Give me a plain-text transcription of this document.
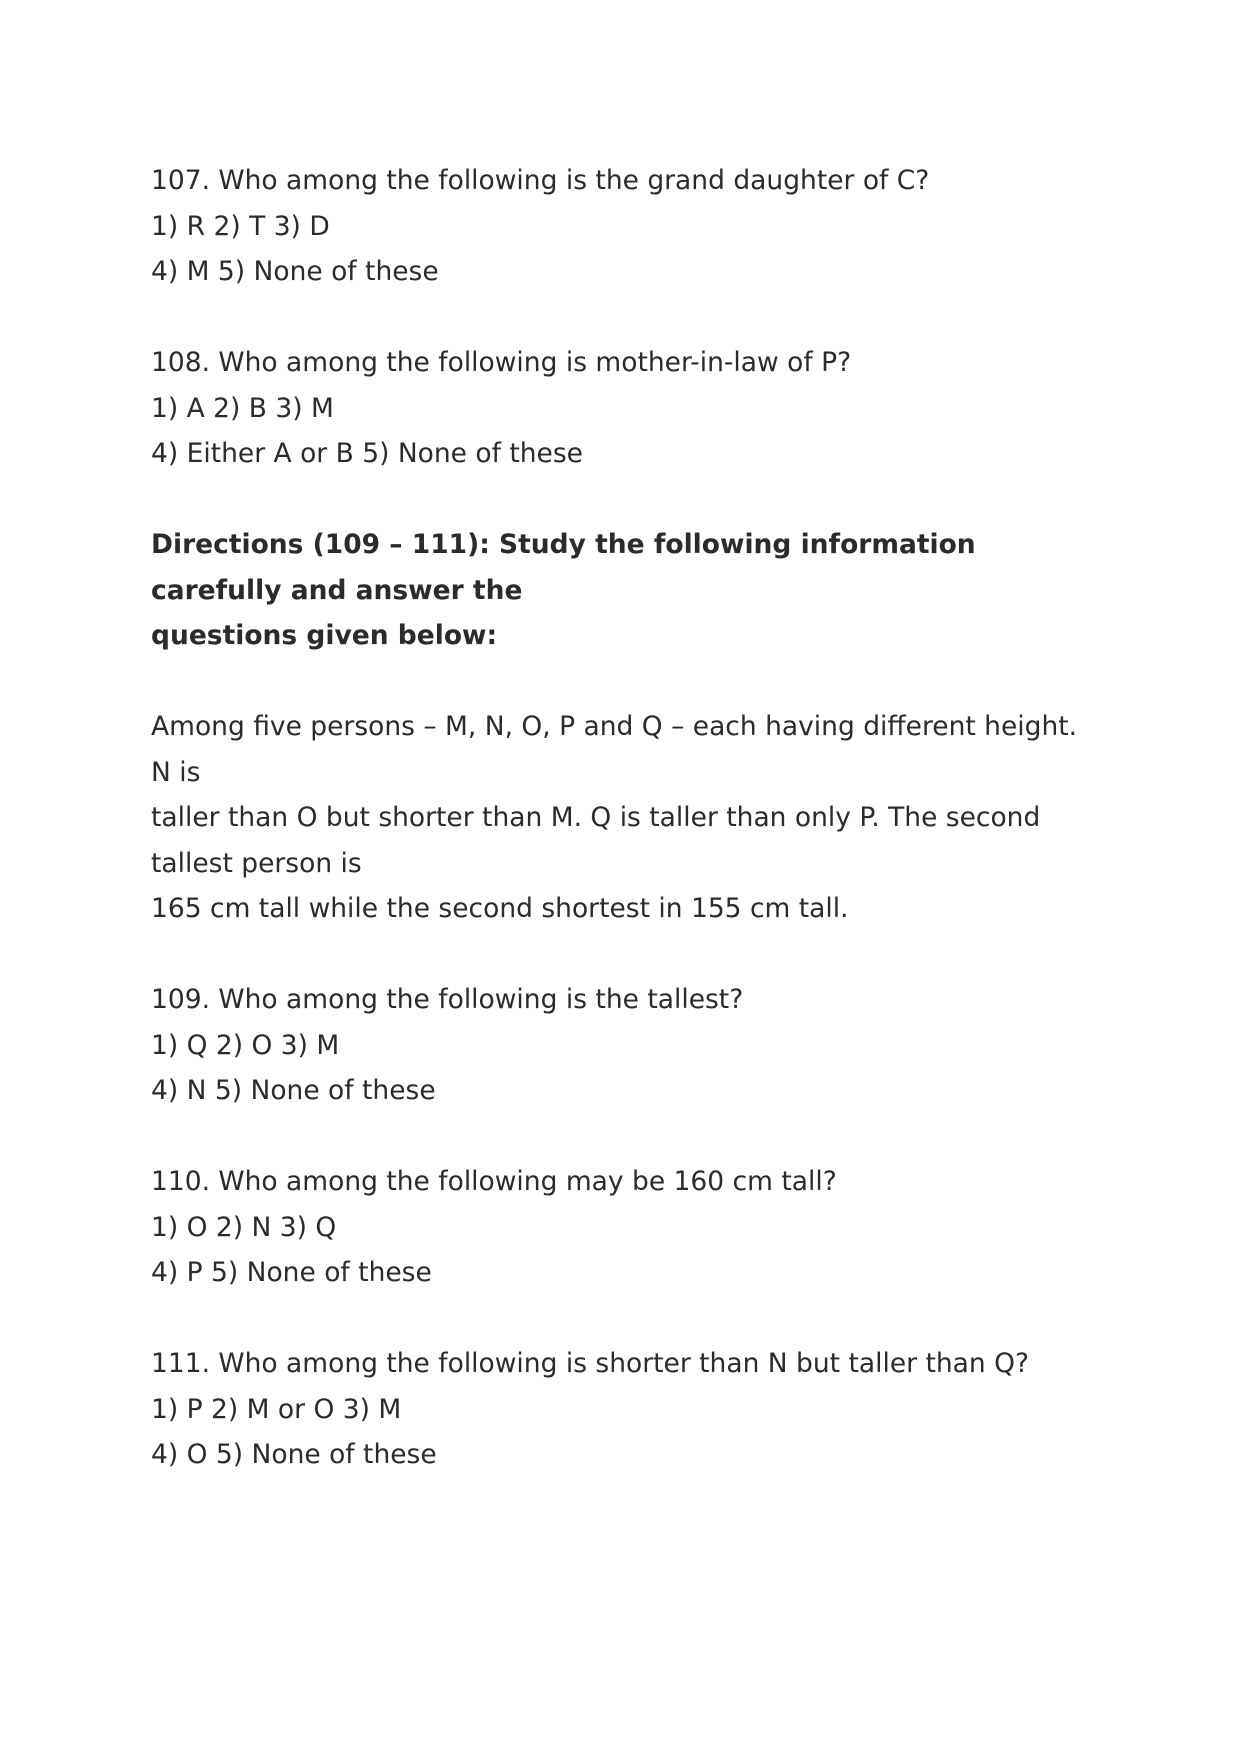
107. Who among the following is the grand daughter of C?
1) R 2) T 3) D
4) M 5) None of these
108. Who among the following is mother-in-law of P?
1) A 2) B 3) M
4) Either A or B 5) None of these
Directions (109 – 111): Study the following information
carefully and answer the
questions given below:
Among five persons – M, N, O, P and Q – each having different height.
N is
taller than O but shorter than M. Q is taller than only P. The second
tallest person is
165 cm tall while the second shortest in 155 cm tall.
109. Who among the following is the tallest?
1) Q 2) O 3) M
4) N 5) None of these
110. Who among the following may be 160 cm tall?
1) O 2) N 3) Q
4) P 5) None of these
111. Who among the following is shorter than N but taller than Q?
1) P 2) M or O 3) M
4) O 5) None of these
